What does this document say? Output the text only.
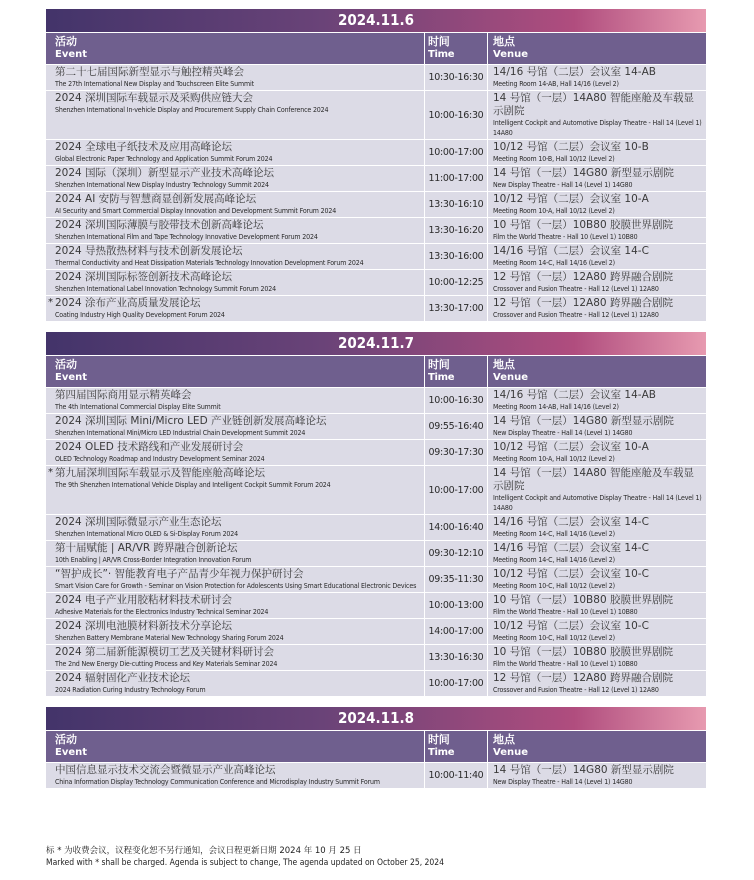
2024.11.6
活动
Event
时间
Time
地点
Venue
第二十七届国际新型显示与触控精英峰会
The 27th International New Display and Touchscreen Elite Summit
10:30-16:30 14/16 号馆（二层）会议室 14-AB
Meeting Room 14-AB, Hall 14/16 (Level 2)
2024 深圳国际车载显示及采购供应链大会
Shenzhen International In-vehicle Display and Procurement Supply Chain Conference 2024	10:00-16:30
14 号馆（一层）14A80 智能座舱及车载显示剧院
Intelligent Cockpit and Automotive Display Theatre - Hall 14 (Level 1) 14A80
2024 全球电子纸技术及应用高峰论坛
Global Electronic Paper Technology and Application Summit Forum 2024
10:00-17:00 10/12 号馆（二层）会议室 10-B
Meeting Room 10-B, Hall 10/12 (Level 2)
2024 国际（深圳）新型显示产业技术高峰论坛
Shenzhen International New Display Industry Technology Summit 2024
11:00-17:00 14 号馆（一层）14G80 新型显示剧院
New Display Theatre - Hall 14 (Level 1) 14G80
2024 AI 安防与智慧商显创新发展高峰论坛
AI Security and Smart Commercial Display Innovation and Development Summit Forum 2024
13:30-16:10 10/12 号馆（二层）会议室 10-A
Meeting Room 10-A, Hall 10/12 (Level 2)
2024 深圳国际薄膜与胶带技术创新高峰论坛
Shenzhen International Film and Tape Technology Innovative Development Forum 2024
13:30-16:20 10 号馆（一层）10B80 胶膜世界剧院
Film the World Theatre - Hall 10 (Level 1) 10B80
2024 导热散热材料与技术创新发展论坛
Thermal Conductivity and Heat Dissipation Materials Technology Innovation Development Forum 2024
13:30-16:00 14/16 号馆（二层）会议室 14-C
Meeting Room 14-C, Hall 14/16 (Level 2)
2024 深圳国际标签创新技术高峰论坛
Shenzhen International Label Innovation Technology Summit Forum 2024
10:00-12:25 12 号馆（一层）12A80 跨界融合剧院
Crossover and Fusion Theatre - Hall 12 (Level 1) 12A80
* 2024 涂布产业高质量发展论坛
Coating Industry High Quality Development Forum 2024
13:30-17:00 12 号馆（一层）12A80 跨界融合剧院
Crossover and Fusion Theatre - Hall 12 (Level 1) 12A80
2024.11.7
活动
Event
时间
Time
地点
Venue
第四届国际商用显示精英峰会
The 4th International Commercial Display Elite Summit
10:00-16:30 14/16 号馆（二层）会议室 14-AB
Meeting Room 14-AB, Hall 14/16 (Level 2)
2024 深圳国际 Mini/Micro LED 产业链创新发展高峰论坛
Shenzhen International Mini/Micro LED Industrial Chain Development Summit 2024
09:55-16:40 14 号馆（一层）14G80 新型显示剧院
New Display Theatre - Hall 14 (Level 1) 14G80
2024 OLED 技术路线和产业发展研讨会
OLED Technology Roadmap and Industry Development Seminar 2024
09:30-17:30 10/12 号馆（二层）会议室 10-A
Meeting Room 10-A, Hall 10/12 (Level 2)
* 第九届深圳国际车载显示及智能座舱高峰论坛
The 9th Shenzhen International Vehicle Display and Intelligent Cockpit Summit Forum 2024	10:00-17:00
14 号馆（一层）14A80 智能座舱及车载显示剧院
Intelligent Cockpit and Automotive Display Theatre - Hall 14 (Level 1) 14A80
2024 深圳国际微显示产业生态论坛
Shenzhen International Micro OLED & Si-Display Forum 2024
14:00-16:40 14/16 号馆（二层）会议室 14-C
Meeting Room 14-C, Hall 14/16 (Level 2)
第十届赋能 | AR/VR 跨界融合创新论坛
10th Enabling | AR/VR Cross-Border Integration Innovation Forum
09:30-12:10 14/16 号馆（二层）会议室 14-C
Meeting Room 14-C, Hall 14/16 (Level 2)
“智护成长”· 智能教育电子产品青少年视力保护研讨会
Smart Vision Care for Growth - Seminar on Vision Protection for Adolescents Using Smart Educational Electronic Devices
09:35-11:30 10/12 号馆（二层）会议室 10-C
Meeting Room 10-C, Hall 10/12 (Level 2)
2024 电子产业用胶粘材料技术研讨会
Adhesive Materials for the Electronics Industry Technical Seminar 2024
10:00-13:00 10 号馆（一层）10B80 胶膜世界剧院
Film the World Theatre - Hall 10 (Level 1) 10B80
2024 深圳电池膜材料新技术分享论坛
Shenzhen Battery Membrane Material New Technology Sharing Forum 2024
14:00-17:00 10/12 号馆（二层）会议室 10-C
Meeting Room 10-C, Hall 10/12 (Level 2)
2024 第二届新能源模切工艺及关键材料研讨会
The 2nd New Energy Die-cutting Process and Key Materials Seminar 2024
13:30-16:30 10 号馆（一层）10B80 胶膜世界剧院
Film the World Theatre - Hall 10 (Level 1) 10B80
2024 辐射固化产业技术论坛
2024 Radiation Curing Industry Technology Forum
10:00-17:00 12 号馆（一层）12A80 跨界融合剧院
Crossover and Fusion Theatre - Hall 12 (Level 1) 12A80
2024.11.8
活动
Event
时间
Time
地点
Venue
中国信息显示技术交流会暨微显示产业高峰论坛
China Information Display Technology Communication Conference and Microdisplay Industry Summit Forum
10:00-11:40 14 号馆（一层）14G80 新型显示剧院
New Display Theatre - Hall 14 (Level 1) 14G80
标 * 为收费会议，议程变化恕不另行通知，会议日程更新日期 2024 年 10 月 25 日
Marked with * shall be charged. Agenda is subject to change, The agenda updated on October 25, 2024
